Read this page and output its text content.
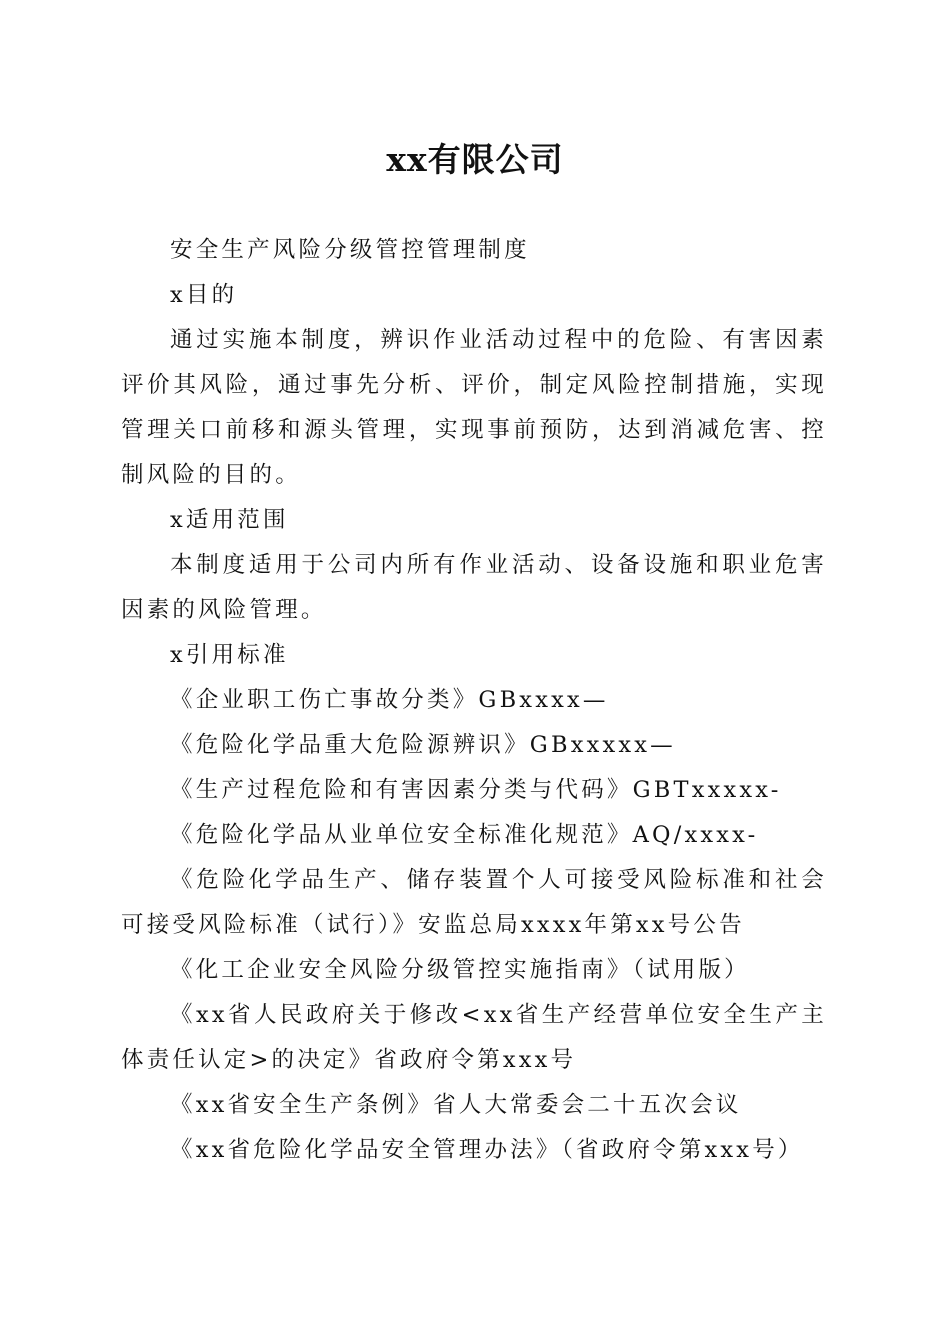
xx有限公司

安全生产风险分级管控管理制度

x目的

通过实施本制度，辨识作业活动过程中的危险、有害因素评价其风险，通过事先分析、评价，制定风险控制措施，实现管理关口前移和源头管理，实现事前预防，达到消减危害、控制风险的目的。

x适用范围

本制度适用于公司内所有作业活动、设备设施和职业危害因素的风险管理。

x引用标准

《企业职工伤亡事故分类》GBxxxx—

《危险化学品重大危险源辨识》GBxxxxx—

《生产过程危险和有害因素分类与代码》GBTxxxxx-

《危险化学品从业单位安全标准化规范》AQ/xxxx-

《危险化学品生产、储存装置个人可接受风险标准和社会可接受风险标准（试行）》安监总局xxxx年第xx号公告

《化工企业安全风险分级管控实施指南》（试用版）

《xx省人民政府关于修改<xx省生产经营单位安全生产主体责任认定>的决定》省政府令第xxx号

《xx省安全生产条例》省人大常委会二十五次会议

《xx省危险化学品安全管理办法》（省政府令第xxx号）
